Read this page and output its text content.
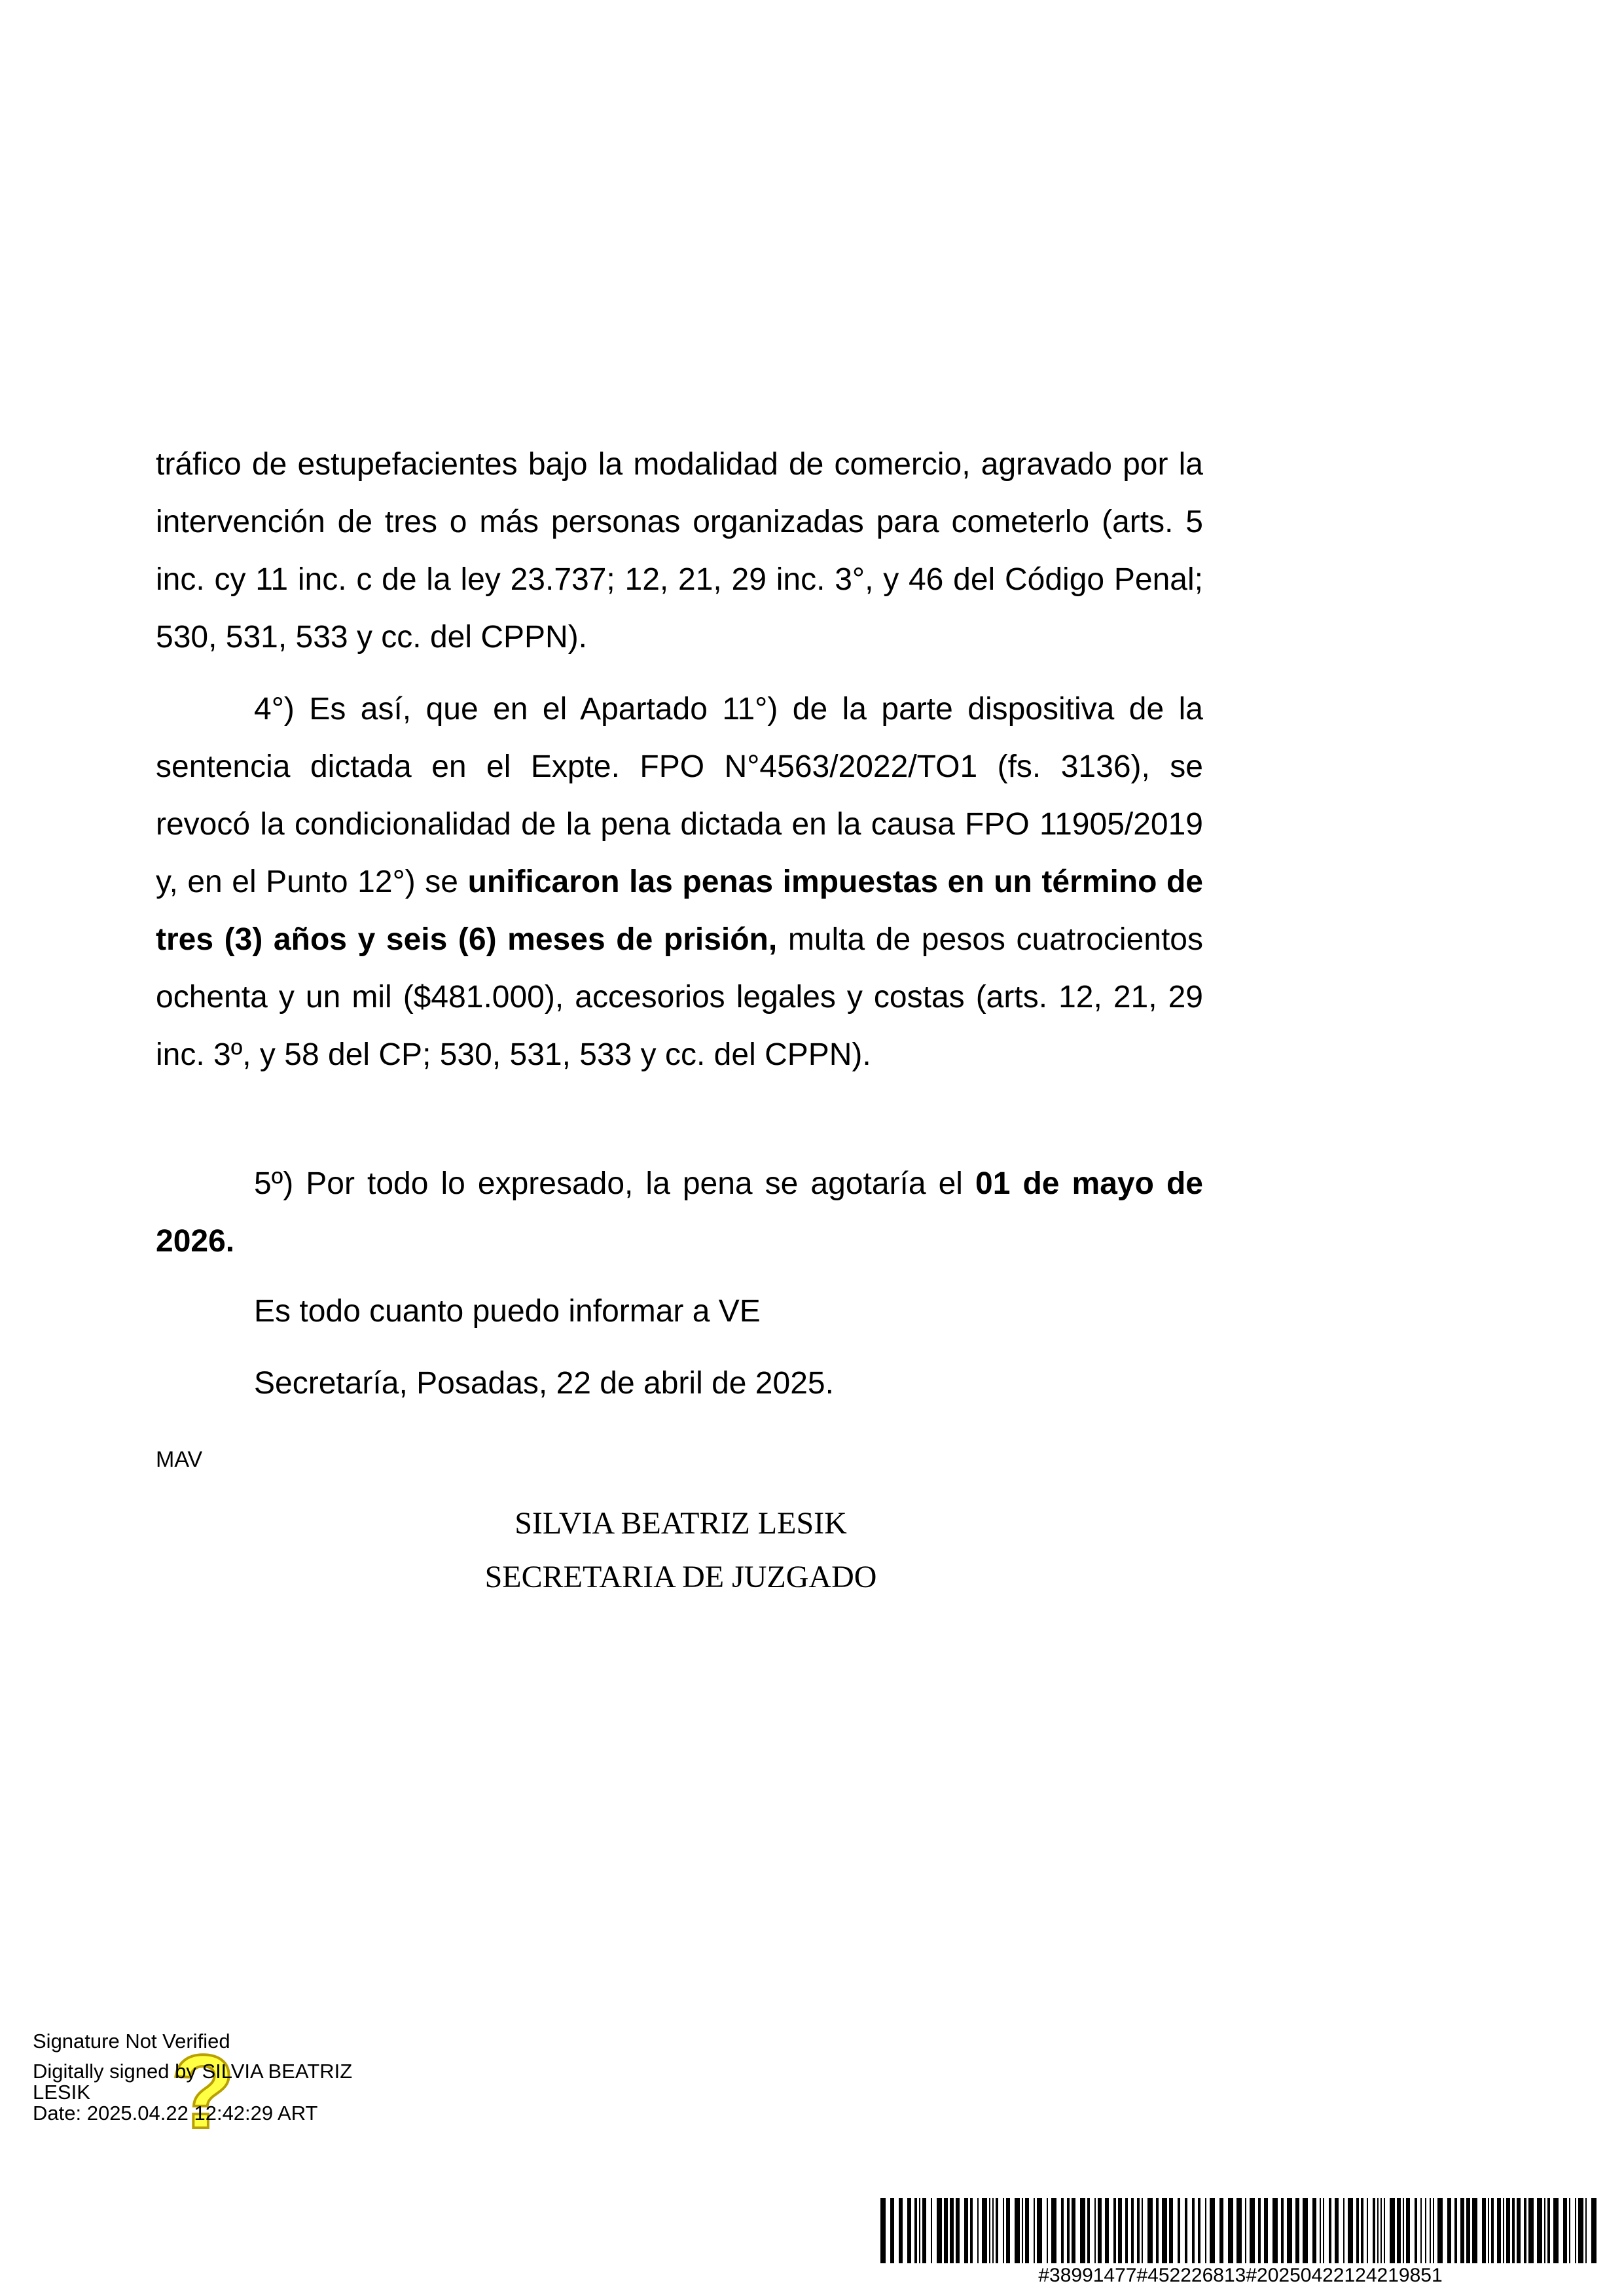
tráfico de estupefacientes bajo la modalidad de comercio, agravado por la intervención de tres o más personas organizadas para cometerlo (arts. 5 inc. cy 11 inc. c de la ley 23.737; 12, 21, 29 inc. 3°, y 46 del Código Penal; 530, 531, 533 y cc. del CPPN).

4°) Es así, que en el Apartado 11°) de la parte dispositiva de la sentencia dictada en el Expte. FPO N°4563/2022/TO1 (fs. 3136), se revocó la condicionalidad de la pena dictada en la causa FPO 11905/2019 y, en el Punto 12°) se unificaron las penas impuestas en un término de tres (3) años y seis (6) meses de prisión, multa de pesos cuatrocientos ochenta y un mil ($481.000), accesorios legales y costas (arts. 12, 21, 29 inc. 3º, y 58 del CP; 530, 531, 533 y cc. del CPPN).

5º) Por todo lo expresado, la pena se agotaría el 01 de mayo de 2026.

Es todo cuanto puedo informar a VE

Secretaría, Posadas, 22 de abril de 2025.

MAV
SILVIA BEATRIZ LESIK
SECRETARIA DE JUZGADO
?
Signature Not Verified
Digitally signed by SILVIA BEATRIZ
LESIK
Date: 2025.04.22 12:42:29 ART
#38991477#452226813#20250422124219851
